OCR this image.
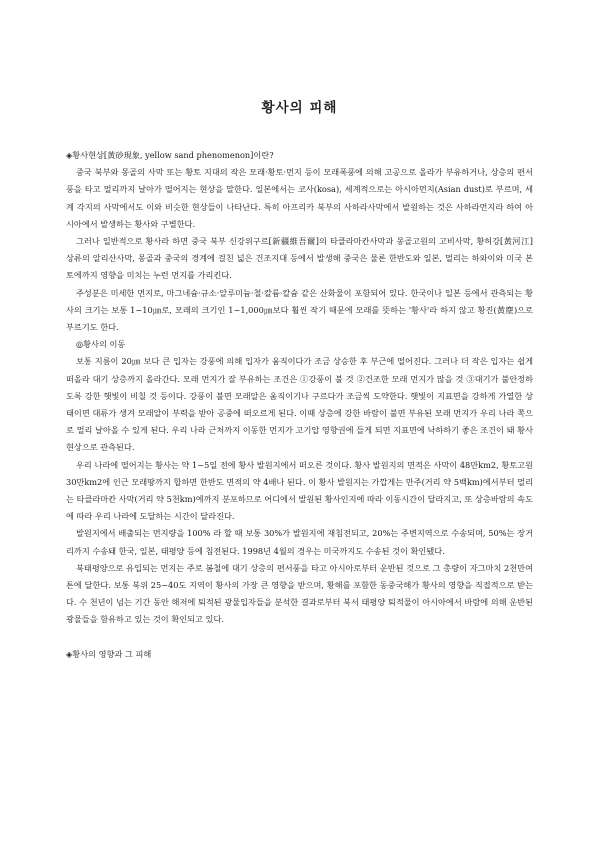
황사의 피해

◈황사현상[黃砂現象, yellow sand phenomenon]이란?

중국 북부와 몽골의 사막 또는 황토 지대의 작은 모래·황토·먼지 등이 모래폭풍에 의해 고공으로 올라가 부유하거나, 상층의 편서풍을 타고 멀리까지 날아가 떨어지는 현상을 말한다. 일본에서는 코사(kosa), 세계적으로는 아시아먼지(Asian dust)로 부르며, 세계 각지의 사막에서도 이와 비슷한 현상들이 나타난다. 특히 아프리카 북부의 사하라사막에서 발원하는 것은 사하라먼지라 하여 아시아에서 발생하는 황사와 구별한다.

그러나 일반적으로 황사라 하면 중국 북부 신강위구르[新疆維吾爾]의 타클라마칸사막과 몽골고원의 고비사막, 황허강[黃河江] 상류의 알리산사막, 몽골과 중국의 경계에 걸친 넓은 건조지대 등에서 발생해 중국은 물론 한반도와 일본, 멀리는 하와이와 미국 본토에까지 영향을 미치는 누런 먼지를 가리킨다.

주성분은 미세한 먼지로, 마그네슘·규소·알루미늄·철·칼륨·칼슘 같은 산화물이 포함되어 있다. 한국이나 일본 등에서 관측되는 황사의 크기는 보통 1~10㎛로, 모래의 크기인 1~1,000㎛보다 훨씬 작기 때문에 모래를 뜻하는 '황사'라 하지 않고 황진(黃塵)으로 부르기도 한다.

◎황사의 이동

보통 지름이 20㎛ 보다 큰 입자는 강풍에 의해 입자가 움직이다가 조금 상승한 후 부근에 떨어진다. 그러나 더 작은 입자는 쉽게 떠올라 대기 상층까지 올라간다. 모래 먼지가 잘 부유하는 조건은 ①강풍이 불 것 ②건조한 모래 먼지가 많을 것 ③대기가 불안정하도록 강한 햇빛이 비칠 것 등이다. 강풍이 불면 모래알은 움직이기나 구르다가 조금씩 도약한다. 햇빛이 지표면을 강하게 가열한 상태이면 대류가 생겨 모래알이 부력을 받아 공중에 떠오르게 된다. 이때 상층에 강한 바람이 불면 부유된 모래 먼지가 우리 나라 쪽으로 멀리 날아올 수 있게 된다. 우리 나라 근처까지 이동한 먼지가 고기압 영향권에 들게 되면 지표면에 낙하하기 좋은 조건이 돼 황사 현상으로 관측된다.

우리 나라에 떨어지는 황사는 약 1~5일 전에 황사 발원지에서 떠오른 것이다. 황사 발원지의 면적은 사막이 48만km2, 황토고원 30만km2에 인근 모래땅까지 합하면 한반도 면적의 약 4배나 된다. 이 황사 발원지는 가깝게는 만주(거리 약 5백km)에서부터 멀리는 타클라마칸 사막(거리 약 5천km)에까지 분포하므로 어디에서 발원된 황사인지에 따라 이동시간이 달라지고, 또 상층바람의 속도에 따라 우리 나라에 도달하는 시간이 달라진다.

발원지에서 배출되는 먼지량을 100% 라 할 때 보통 30%가 발원지에 재침전되고, 20%는 주변지역으로 수송되며, 50%는 장거리까지 수송돼 한국, 일본, 태평양 등에 침전된다. 1998년 4월의 경우는 미국까지도 수송된 것이 확인됐다.

북태평양으로 유입되는 먼지는 주로 봄철에 대기 상층의 편서풍을 타고 아시아로부터 운반된 것으로 그 총량이 자그마치 2천만여 톤에 달한다. 보통 북위 25~40도 지역이 황사의 가장 큰 영향을 받으며, 황해를 포함한 동중국해가 황사의 영향을 직접적으로 받는다. 수 천년이 넘는 기간 동안 해저에 퇴적된 광물입자들을 분석한 결과로부터 북서 태평양 퇴적물이 아시아에서 바람에 의해 운반된 광물들을 함유하고 있는 것이 확인되고 있다.

◈황사의 영향과 그 피해
